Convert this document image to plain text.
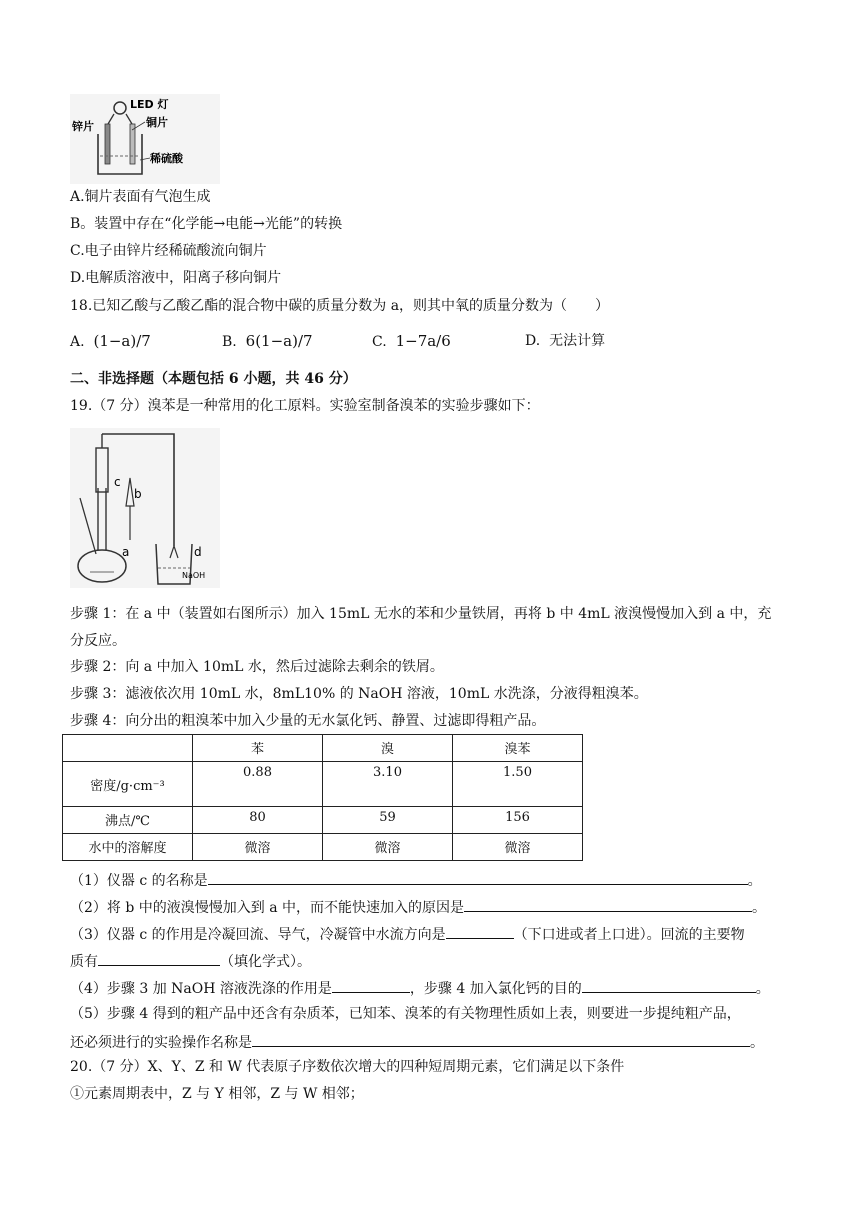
LED 灯
锌片	铜片
稀硫酸
A.铜片表面有气泡生成
B。装置中存在“化学能→电能→光能”的转换
C.电子由锌片经稀硫酸流向铜片
D.电解质溶液中，阳离子移向铜片
18.已知乙酸与乙酸乙酯的混合物中碳的质量分数为 a，则其中氧的质量分数为（　　）
A. (1−a)/7	B. 6(1−a)/7	C. 1−7a/6	D. 无法计算
二、非选择题（本题包括 6 小题，共 46 分）
19.（7 分）溴苯是一种常用的化工原料。实验室制备溴苯的实验步骤如下：
c
b
a	d
NaOH
步骤 1：在 a 中（装置如右图所示）加入 15mL 无水的苯和少量铁屑，再将 b 中 4mL 液溴慢慢加入到 a 中，充
分反应。
步骤 2：向 a 中加入 10mL 水，然后过滤除去剩余的铁屑。
步骤 3：滤液依次用 10mL 水，8mL10% 的 NaOH 溶液，10mL 水洗涤，分液得粗溴苯。
步骤 4：向分出的粗溴苯中加入少量的无水氯化钙、静置、过滤即得粗产品。
	苯	溴	溴苯
密度/g·cm⁻³	0.88	3.10	1.50
沸点/℃	80	59	156
水中的溶解度	微溶	微溶	微溶
（1）仪器 c 的名称是	。
（2）将 b 中的液溴慢慢加入到 a 中，而不能快速加入的原因是	。
（3）仪器 c 的作用是冷凝回流、导气，冷凝管中水流方向是	（下口进或者上口进）。回流的主要物
质有	（填化学式）。
（4）步骤 3 加 NaOH 溶液洗涤的作用是	，步骤 4 加入氯化钙的目的	。
（5）步骤 4 得到的粗产品中还含有杂质苯，已知苯、溴苯的有关物理性质如上表，则要进一步提纯粗产品，
还必须进行的实验操作名称是	。
20.（7 分）X、Y、Z 和 W 代表原子序数依次增大的四种短周期元素，它们满足以下条件
①元素周期表中，Z 与 Y 相邻，Z 与 W 相邻；
